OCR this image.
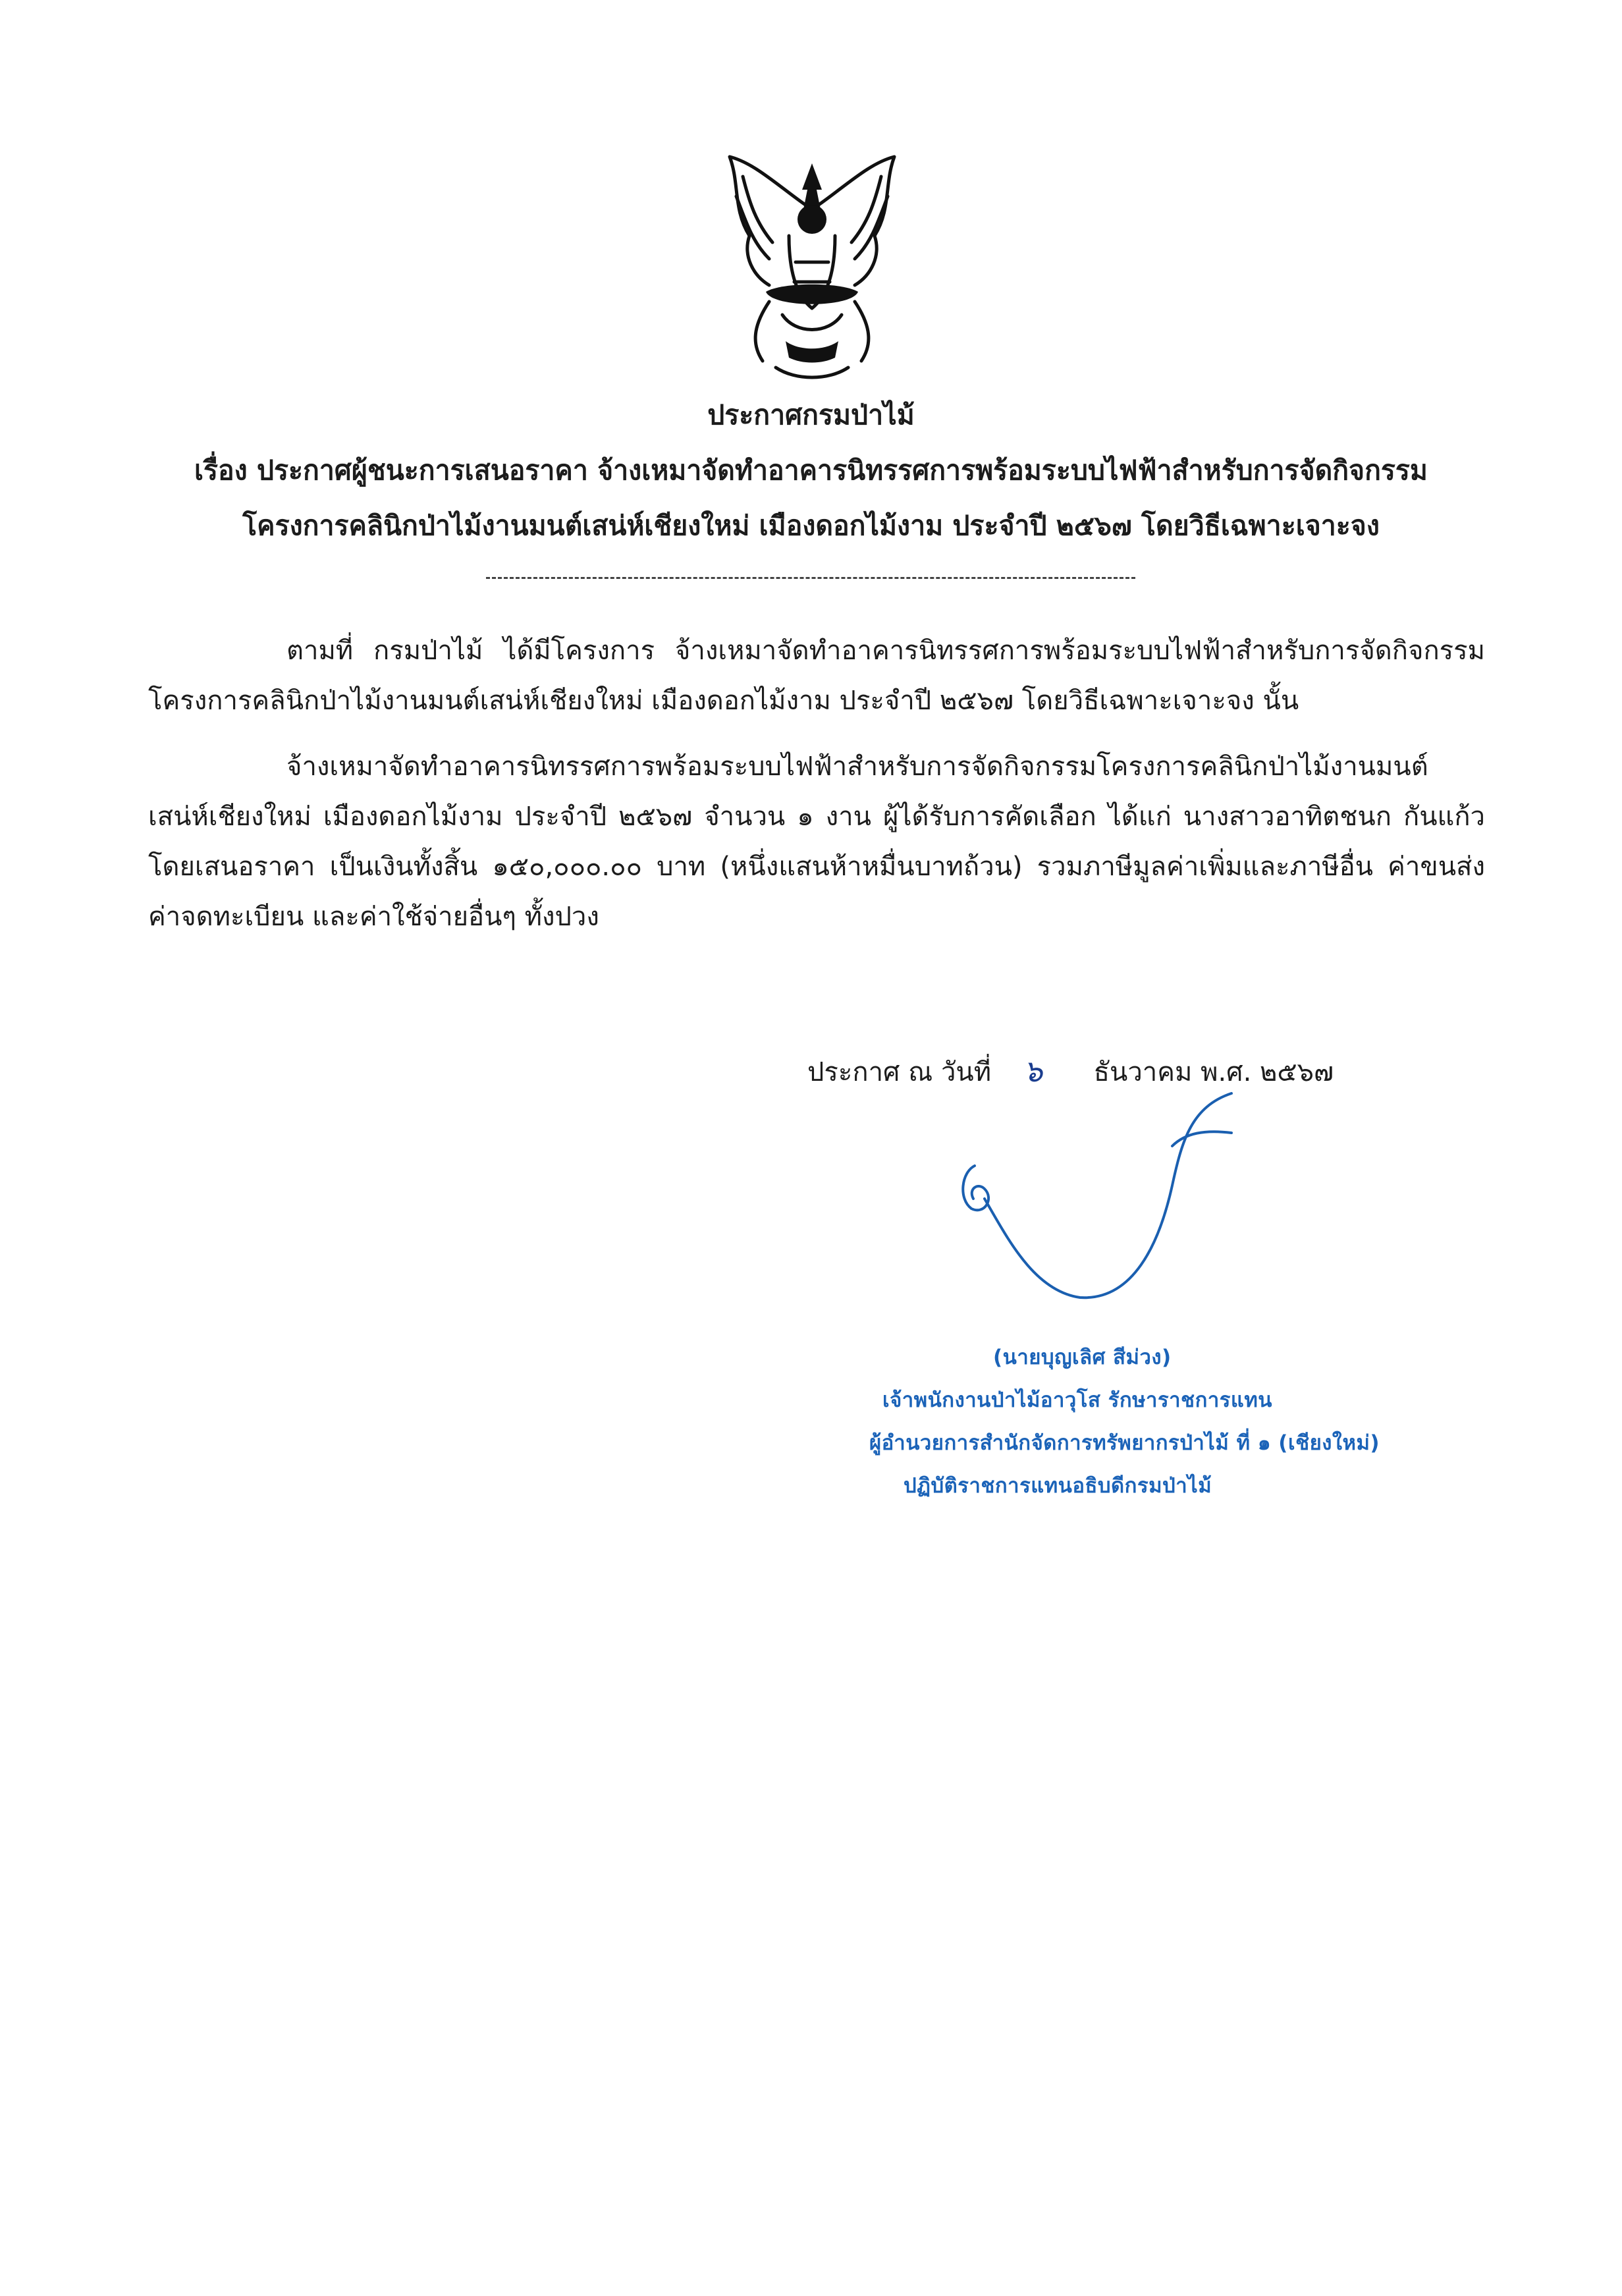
ประกาศกรมป่าไม้
เรื่อง ประกาศผู้ชนะการเสนอราคา จ้างเหมาจัดทำอาคารนิทรรศการพร้อมระบบไฟฟ้าสำหรับการจัดกิจกรรม
โครงการคลินิกป่าไม้งานมนต์เสน่ห์เชียงใหม่ เมืองดอกไม้งาม ประจำปี ๒๕๖๗ โดยวิธีเฉพาะเจาะจง

ตามที่ กรมป่าไม้ ได้มีโครงการ จ้างเหมาจัดทำอาคารนิทรรศการพร้อมระบบไฟฟ้าสำหรับการจัดกิจกรรม โครงการคลินิกป่าไม้งานมนต์เสน่ห์เชียงใหม่ เมืองดอกไม้งาม ประจำปี ๒๕๖๗ โดยวิธีเฉพาะเจาะจง นั้น

จ้างเหมาจัดทำอาคารนิทรรศการพร้อมระบบไฟฟ้าสำหรับการจัดกิจกรรมโครงการคลินิกป่าไม้งานมนต์เสน่ห์เชียงใหม่ เมืองดอกไม้งาม ประจำปี ๒๕๖๗ จำนวน ๑ งาน ผู้ได้รับการคัดเลือก ได้แก่ นางสาวอาทิตชนก กันแก้ว โดยเสนอราคา เป็นเงินทั้งสิ้น ๑๕๐,๐๐๐.๐๐ บาท (หนึ่งแสนห้าหมื่นบาทถ้วน) รวมภาษีมูลค่าเพิ่มและภาษีอื่น ค่าขนส่ง ค่าจดทะเบียน และค่าใช้จ่ายอื่นๆ ทั้งปวง

ประกาศ ณ วันที่	ธันวาคม พ.ศ. ๒๕๖๗
๖
(นายบุญเลิศ สีม่วง)
เจ้าพนักงานป่าไม้อาวุโส รักษาราชการแทน
ผู้อำนวยการสำนักจัดการทรัพยากรป่าไม้ ที่ ๑ (เชียงใหม่)
ปฏิบัติราชการแทนอธิบดีกรมป่าไม้
